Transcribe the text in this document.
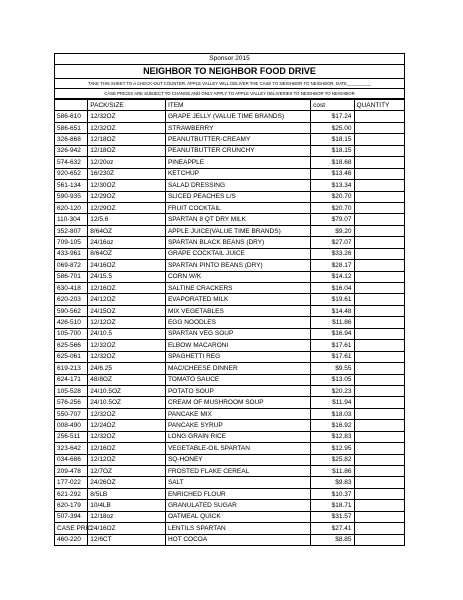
Sponsor 2015
NEIGHBOR TO NEIGHBOR FOOD DRIVE
TAKE THIS SHEET TO A CHECK-OUT COUNTER. APPLE VALLEY WILL DELIVER THE CASE TO NEIGHBOR TO NEIGHBOR. DATE__________
CASE PRICES ARE SUBJECT TO CHANGE AND ONLY APPLY TO APPLE VALLEY DELIVERIES TO NEIGHBOR TO NEIGHBOR
	PACK/SIZE	ITEM	cost	QUANTITY
586-610	12/32OZ	GRAPE JELLY (VALUE TIME BRANDS)	$17.24	
586-651	12/32OZ	STRAWBERRY	$25.00	
326-868	12/18OZ	PEANUTBUTTER-CREAMY	$18.15	
326-942	12/18OZ	PEANUTBUTTER CRUNCHY	$18.15	
574-632	12/20oz	PINEAPPLE	$18.68	
920-652	16/230Z	KETCHUP	$13.46	
561-134	12/30OZ	SALAD DRESSING	$13.34	
590-935	12/29OZ	SLICED PEACHES L/S	$20.70	
620-120	12/29OZ	FRUIT COCKTAIL	$20.70	
110-304	12/5.6	SPARTAN 8 QT DRY MILK	$79.07	
352-807	8/64OZ	APPLE JUICE(VALUE TIME BRANDS)	$9.20	
709-105	24/16oz	SPARTAN BLACK BEANS (DRY)	$27.07	
433-961	8/64OZ	GRAPE COCKTAIL JUICE	$33.26	
069-872	24/16OZ	SPARTAN PINTO BEANS (DRY)	$28.17	
586-701	24/15.5	CORN W/K	$14.12	
630-418	12/16OZ	SALTINE CRACKERS	$16.04	
620-203	24/12OZ	EVAPORATED MILK	$19.61	
590-562	24/15OZ	MIX VEGETABLES	$14.48	
426-510	12/12OZ	EGG NOODLES	$11.86	
105-700	24/10.5	SPARTAN VEG SOUP	$16.94	
625-566	12/32OZ	ELBOW MACARONI	$17.61	
625-061	12/32OZ	SPAGHETTI REG	$17.61	
619-213	24/6.25	MAC/CHEESE DINNER	$9.55	
624-171	48/8OZ	TOMATO SAUCE	$13.05	
105-528	24/10.5OZ	POTATO SOUP	$20.23	
576-256	24/10.5OZ	CREAM OF MUSHROOM SOUP	$11.94	
550-707	12/32OZ	PANCAKE MIX	$18.03	
008-490	12/24OZ	PANCAKE SYRUP	$16.92	
256-511	12/32OZ	LONG GRAIN RICE	$12.83	
323-642	12/16OZ	VEGETABLE-OIL SPARTAN	$12.95	
034-686	12/12OZ	SQ-HONEY	$25.82	
209-478	12/7OZ	FROSTED FLAKE CEREAL	$11.86	
177-022	24/26OZ	SALT	$9.83	
621-292	8/5LB	ENRICHED FLOUR	$10.37	
620-179	10/4LB	GRANULATED SUGAR	$18.71	
507-394	12/18oz	OATMEAL QUICK	$31.57	
CASE PRIC	24/16OZ	LENTILS SPARTAN	$27.41	
460-220	12/6CT	HOT COCOA	$8.85	
